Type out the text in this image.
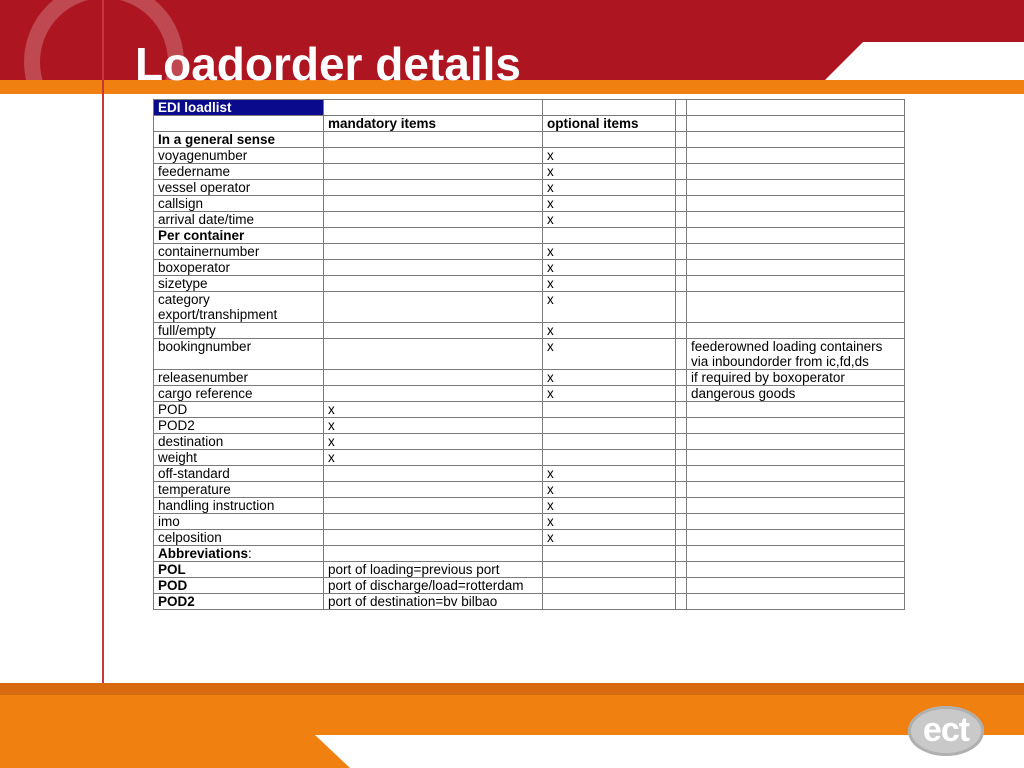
Loadorder details
EDI loadlist				
	mandatory items	optional items		
In a general sense				
voyagenumber		x		
feedername		x		
vessel operator		x		
callsign		x		
arrival date/time		x		
Per container				
containernumber		x		
boxoperator		x		
sizetype		x		
category export/transhipment		x		
full/empty		x		
bookingnumber		x		feederowned loading containers via inboundorder from ic,fd,ds
releasenumber		x		if required by boxoperator
cargo reference		x		dangerous goods
POD	x			
POD2	x			
destination	x			
weight	x			
off-standard		x		
temperature		x		
handling instruction		x		
imo		x		
celposition		x		
Abbreviations:				
POL	port of loading=previous port			
POD	port of discharge/load=rotterdam			
POD2	port of destination=bv bilbao			
ect
